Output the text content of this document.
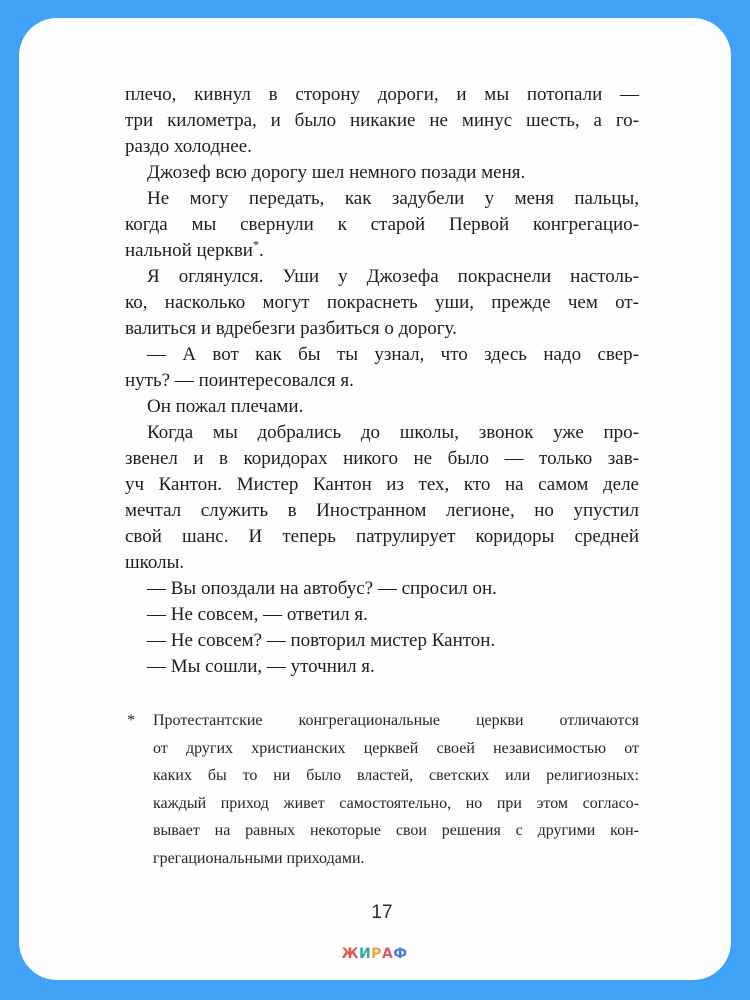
плечо, кивнул в сторону дороги, и мы потопали —
три километра, и было никакие не минус шесть, а го-
раздо холоднее.
Джозеф всю дорогу шел немного позади меня.
Не могу передать, как задубели у меня пальцы,
когда мы свернули к старой Первой конгрегацио-
нальной церкви*.
Я оглянулся. Уши у Джозефа покраснели настоль-
ко, насколько могут покраснеть уши, прежде чем от-
валиться и вдребезги разбиться о дорогу.
— А вот как бы ты узнал, что здесь надо свер-
нуть? — поинтересовался я.
Он пожал плечами.
Когда мы добрались до школы, звонок уже про-
звенел и в коридорах никого не было — только зав-
уч Кантон. Мистер Кантон из тех, кто на самом деле
мечтал служить в Иностранном легионе, но упустил
свой шанс. И теперь патрулирует коридоры средней
школы.
— Вы опоздали на автобус? — спросил он.
— Не совсем, — ответил я.
— Не совсем? — повторил мистер Кантон.
— Мы сошли, — уточнил я.
* Протестантские конгрегациональные церкви отличаются
от других христианских церквей своей независимостью от
каких бы то ни было властей, светских или религиозных:
каждый приход живет самостоятельно, но при этом согласо-
вывает на равных некоторые свои решения с другими кон-
грегациональными приходами.
17
ЖИРАФ
